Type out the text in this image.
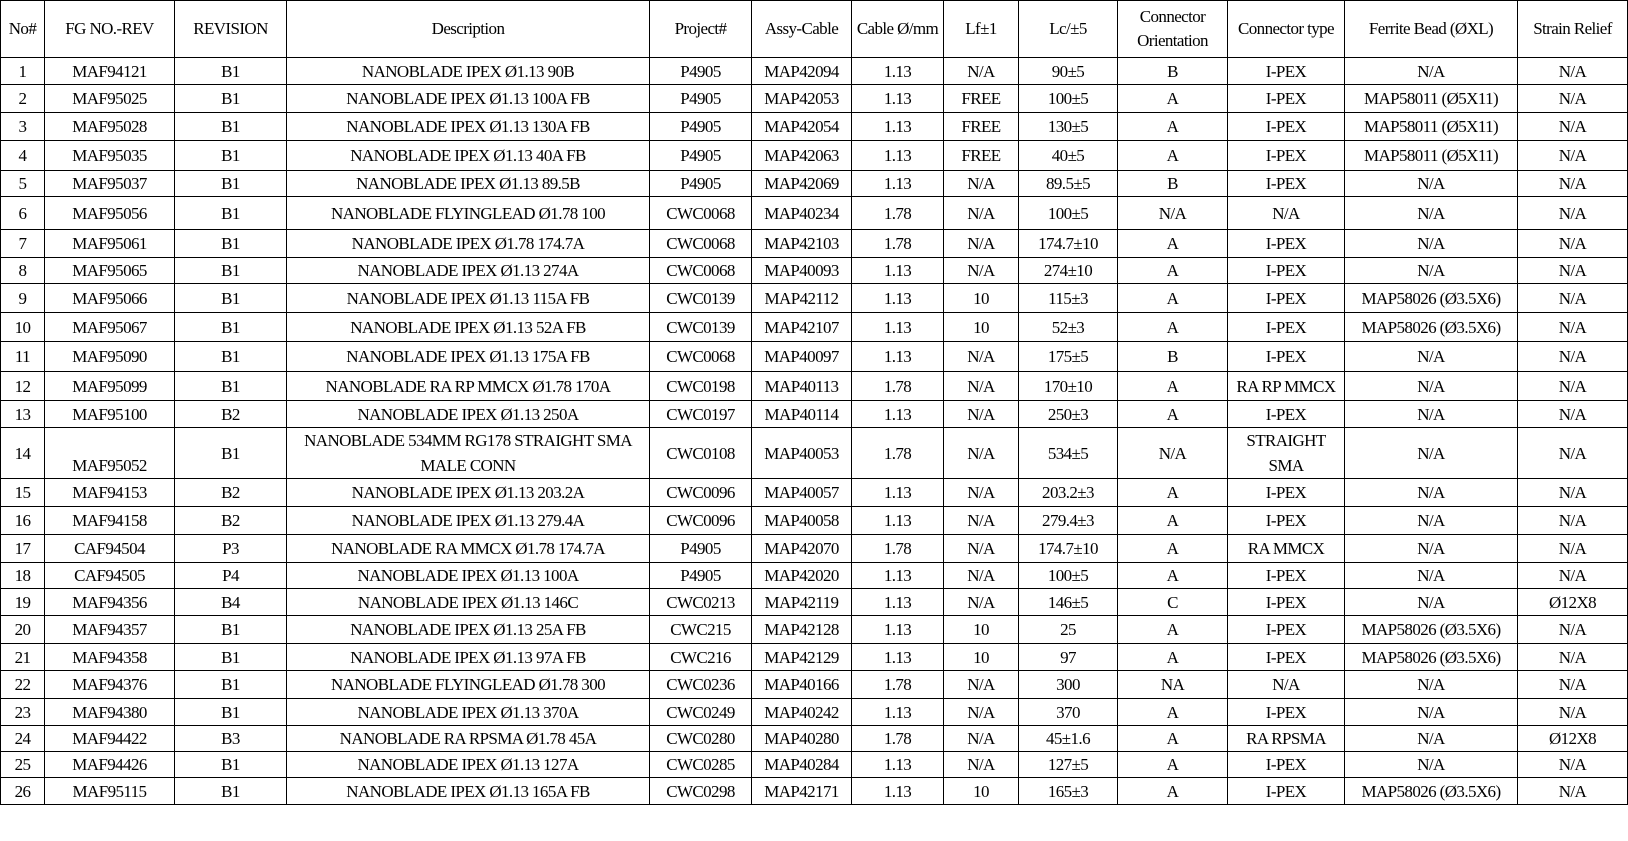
No#	FG NO.-REV	REVISION	Description	Project#	Assy-Cable	Cable Ø/mm	Lf±1	Lc/±5	Connector Orientation	Connector type	Ferrite Bead (ØXL)	Strain Relief
1	MAF94121	B1	NANOBLADE IPEX Ø1.13 90B	P4905	MAP42094	1.13	N/A	90±5	B	I-PEX	N/A	N/A
2	MAF95025	B1	NANOBLADE IPEX Ø1.13 100A FB	P4905	MAP42053	1.13	FREE	100±5	A	I-PEX	MAP58011 (Ø5X11)	N/A
3	MAF95028	B1	NANOBLADE IPEX Ø1.13 130A FB	P4905	MAP42054	1.13	FREE	130±5	A	I-PEX	MAP58011 (Ø5X11)	N/A
4	MAF95035	B1	NANOBLADE IPEX Ø1.13 40A FB	P4905	MAP42063	1.13	FREE	40±5	A	I-PEX	MAP58011 (Ø5X11)	N/A
5	MAF95037	B1	NANOBLADE IPEX Ø1.13 89.5B	P4905	MAP42069	1.13	N/A	89.5±5	B	I-PEX	N/A	N/A
6	MAF95056	B1	NANOBLADE FLYINGLEAD Ø1.78 100	CWC0068	MAP40234	1.78	N/A	100±5	N/A	N/A	N/A	N/A
7	MAF95061	B1	NANOBLADE IPEX Ø1.78 174.7A	CWC0068	MAP42103	1.78	N/A	174.7±10	A	I-PEX	N/A	N/A
8	MAF95065	B1	NANOBLADE IPEX Ø1.13 274A	CWC0068	MAP40093	1.13	N/A	274±10	A	I-PEX	N/A	N/A
9	MAF95066	B1	NANOBLADE IPEX Ø1.13 115A FB	CWC0139	MAP42112	1.13	10	115±3	A	I-PEX	MAP58026 (Ø3.5X6)	N/A
10	MAF95067	B1	NANOBLADE IPEX Ø1.13 52A FB	CWC0139	MAP42107	1.13	10	52±3	A	I-PEX	MAP58026 (Ø3.5X6)	N/A
11	MAF95090	B1	NANOBLADE IPEX Ø1.13 175A FB	CWC0068	MAP40097	1.13	N/A	175±5	B	I-PEX	N/A	N/A
12	MAF95099	B1	NANOBLADE RA RP MMCX Ø1.78 170A	CWC0198	MAP40113	1.78	N/A	170±10	A	RA RP MMCX	N/A	N/A
13	MAF95100	B2	NANOBLADE IPEX Ø1.13 250A	CWC0197	MAP40114	1.13	N/A	250±3	A	I-PEX	N/A	N/A
14	MAF95052	B1	NANOBLADE 534MM RG178 STRAIGHT SMA MALE CONN	CWC0108	MAP40053	1.78	N/A	534±5	N/A	STRAIGHT SMA	N/A	N/A
15	MAF94153	B2	NANOBLADE IPEX Ø1.13 203.2A	CWC0096	MAP40057	1.13	N/A	203.2±3	A	I-PEX	N/A	N/A
16	MAF94158	B2	NANOBLADE IPEX Ø1.13 279.4A	CWC0096	MAP40058	1.13	N/A	279.4±3	A	I-PEX	N/A	N/A
17	CAF94504	P3	NANOBLADE RA MMCX Ø1.78 174.7A	P4905	MAP42070	1.78	N/A	174.7±10	A	RA MMCX	N/A	N/A
18	CAF94505	P4	NANOBLADE IPEX Ø1.13 100A	P4905	MAP42020	1.13	N/A	100±5	A	I-PEX	N/A	N/A
19	MAF94356	B4	NANOBLADE IPEX Ø1.13 146C	CWC0213	MAP42119	1.13	N/A	146±5	C	I-PEX	N/A	Ø12X8
20	MAF94357	B1	NANOBLADE IPEX Ø1.13 25A FB	CWC215	MAP42128	1.13	10	25	A	I-PEX	MAP58026 (Ø3.5X6)	N/A
21	MAF94358	B1	NANOBLADE IPEX Ø1.13 97A FB	CWC216	MAP42129	1.13	10	97	A	I-PEX	MAP58026 (Ø3.5X6)	N/A
22	MAF94376	B1	NANOBLADE FLYINGLEAD Ø1.78 300	CWC0236	MAP40166	1.78	N/A	300	NA	N/A	N/A	N/A
23	MAF94380	B1	NANOBLADE IPEX Ø1.13 370A	CWC0249	MAP40242	1.13	N/A	370	A	I-PEX	N/A	N/A
24	MAF94422	B3	NANOBLADE RA RPSMA Ø1.78 45A	CWC0280	MAP40280	1.78	N/A	45±1.6	A	RA RPSMA	N/A	Ø12X8
25	MAF94426	B1	NANOBLADE IPEX Ø1.13 127A	CWC0285	MAP40284	1.13	N/A	127±5	A	I-PEX	N/A	N/A
26	MAF95115	B1	NANOBLADE IPEX Ø1.13 165A FB	CWC0298	MAP42171	1.13	10	165±3	A	I-PEX	MAP58026 (Ø3.5X6)	N/A
